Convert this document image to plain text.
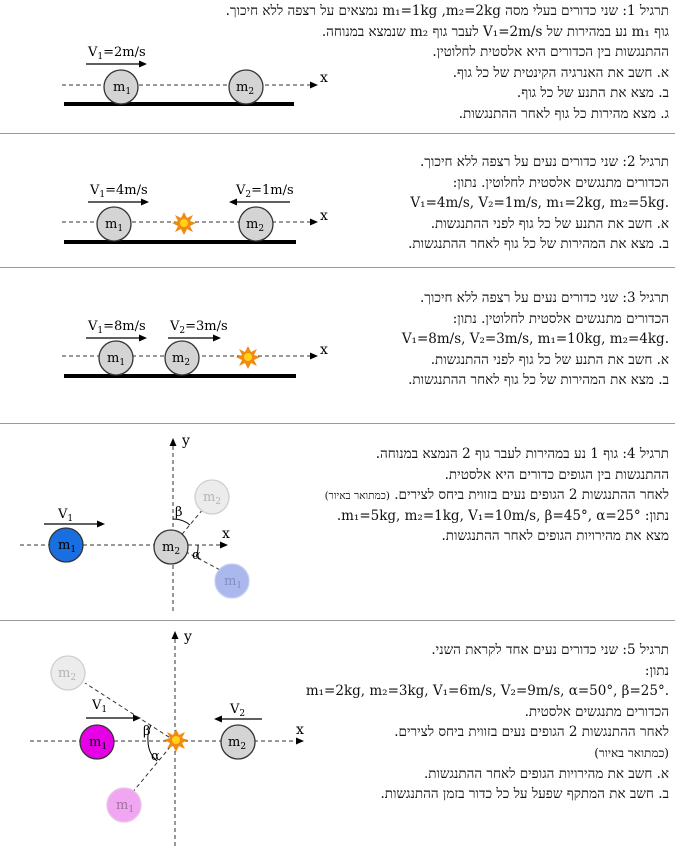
תרגיל 1: שני כדורים בעלי מסה m₁=1kg ,m₂=2kg נמצאים על רצפה ללא חיכוך.
גוף m₁ נע במהירות של V₁=2m/s לעבר גוף m₂ שנמצא במנוחה.
ההתנגשות בין הכדורים היא אלסטית לחלוטין.
א. חשב את האנרגיה הקינטית של כל גוף.
ב. מצא את התנע של כל גוף.
ג. מצא מהירות כל גוף לאחר ההתנגשות.
$V_1=2m/s$
x
$m_1$	$m_2$
תרגיל 2: שני כדורים נעים על רצפה ללא חיכוך.
הכדורים מתנגשים אלסטית לחלוטין. נתון:
V₁=4m/s, V₂=1m/s, m₁=2kg, m₂=5kg.
א. חשב את התנע של כל גוף לפני ההתנגשות.
ב. מצא את המהירות של כל גוף לאחר ההתנגשות.
$V_1=4m/s$	$V_2=1m/s$
x
$m_1$	$m_2$
תרגיל 3: שני כדורים נעים על רצפה ללא חיכוך.
הכדורים מתנגשים אלסטית לחלוטין. נתון:
V₁=8m/s, V₂=3m/s, m₁=10kg, m₂=4kg.
א. חשב את התנע של כל גוף לפני ההתנגשות.
ב. מצא את המהירות של כל גוף לאחר ההתנגשות.
$V_1=8m/s$ $V_2=3m/s$
x
$m_1$	$m_2$
תרגיל 4: גוף 1 נע במהירות לעבר גוף 2 הנמצא במנוחה.
ההתנגשות בין הגופים כדורים היא אלסטית.
לאחר ההתנגשות 2 הגופים נעים בזווית ביחס לצירים. (כמתואר באיור)
נתון: m₁=5kg, m₂=1kg, V₁=10m/s, β=45°, α=25°.
מצא את מהירויות הגופים לאחר ההתנגשות.
x
y
$V_1$	β
α
$m_1$	$m_2$
$m_2$
$m_1$
תרגיל 5: שני כדורים נעים אחד לקראת השני.
נתון:
m₁=2kg, m₂=3kg, V₁=6m/s, V₂=9m/s, α=50°, β=25°.
הכדורים מתנגשים אלסטית.
לאחר ההתנגשות 2 הגופים נעים בזווית ביחס לצירים.
(כמתואר באיור)
א. חשב את מהירויות הגופים לאחר ההתנגשות.
ב. חשב את המתקף שפעל על כל כדור בזמן ההתנגשות.
x
y
$V_1$	$V_2$
β
α
$m_1$	$m_2$
$m_2$
$m_1$
